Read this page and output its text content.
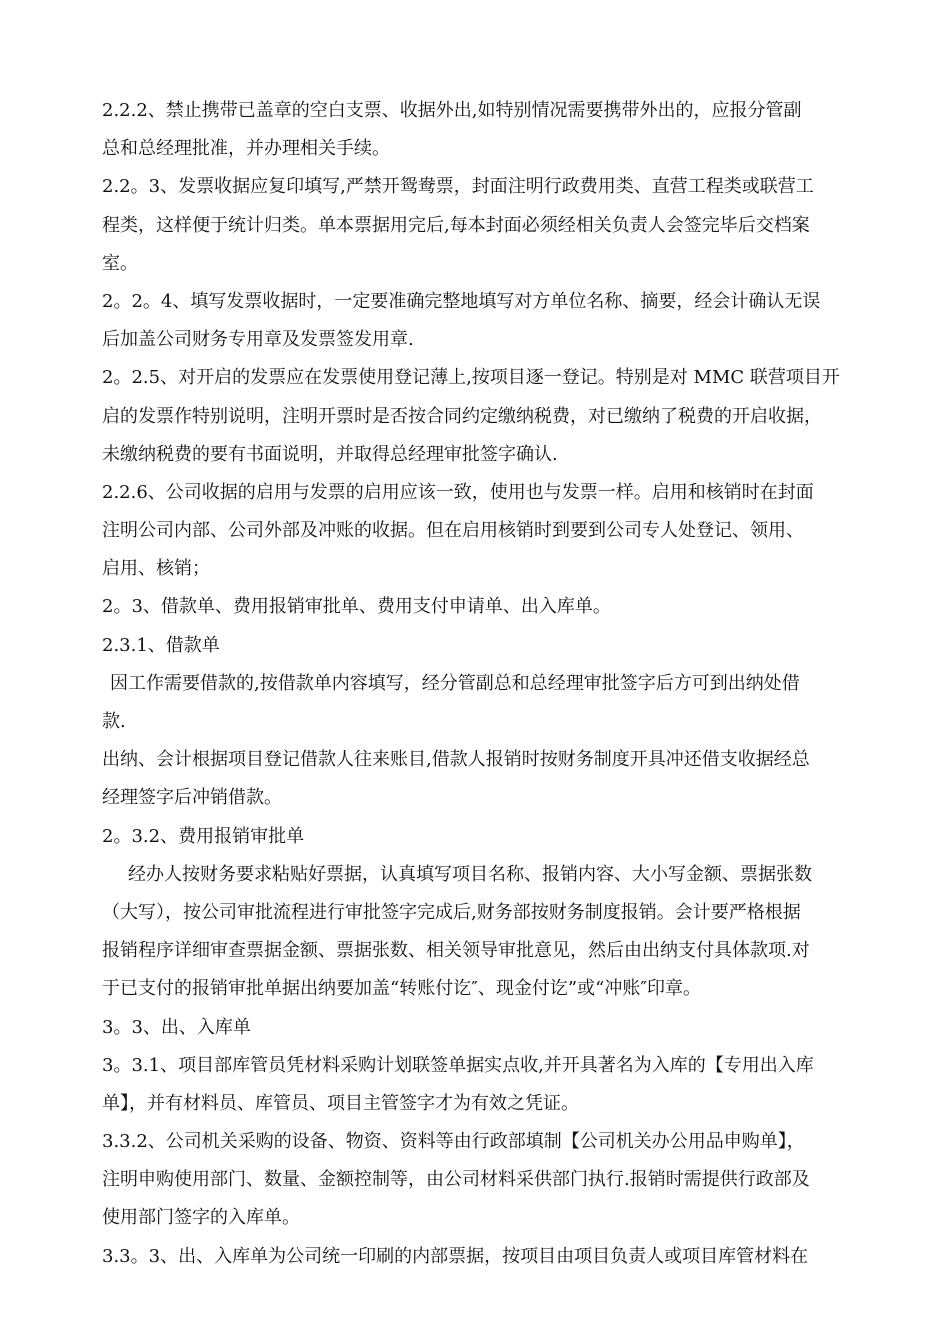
2.2.2、禁止携带已盖章的空白支票、收据外出,如特别情况需要携带外出的，应报分管副
总和总经理批准，并办理相关手续。
2.2。3、发票收据应复印填写,严禁开鸳鸯票，封面注明行政费用类、直营工程类或联营工
程类，这样便于统计归类。单本票据用完后,每本封面必须经相关负责人会签完毕后交档案
室。
2。2。4、填写发票收据时，一定要准确完整地填写对方单位名称、摘要，经会计确认无误
后加盖公司财务专用章及发票签发用章.
2。2.5、对开启的发票应在发票使用登记薄上,按项目逐一登记。特别是对 MMC 联营项目开
启的发票作特别说明，注明开票时是否按合同约定缴纳税费，对已缴纳了税费的开启收据，
未缴纳税费的要有书面说明，并取得总经理审批签字确认.
2.2.6、公司收据的启用与发票的启用应该一致，使用也与发票一样。启用和核销时在封面
注明公司内部、公司外部及冲账的收据。但在启用核销时到要到公司专人处登记、领用、
启用、核销；
2。3、借款单、费用报销审批单、费用支付申请单、出入库单。
2.3.1、借款单
因工作需要借款的,按借款单内容填写，经分管副总和总经理审批签字后方可到出纳处借
款.
出纳、会计根据项目登记借款人往来账目,借款人报销时按财务制度开具冲还借支收据经总
经理签字后冲销借款。
2。3.2、费用报销审批单
经办人按财务要求粘贴好票据，认真填写项目名称、报销内容、大小写金额、票据张数
（大写），按公司审批流程进行审批签字完成后,财务部按财务制度报销。会计要严格根据
报销程序详细审查票据金额、票据张数、相关领导审批意见，然后由出纳支付具体款项.对
于已支付的报销审批单据出纳要加盖“转账付讫″、现金付讫”或“冲账″印章。
3。3、出、入库单
3。3.1、项目部库管员凭材料采购计划联签单据实点收,并开具著名为入库的【专用出入库
单】，并有材料员、库管员、项目主管签字才为有效之凭证。
3.3.2、公司机关采购的设备、物资、资料等由行政部填制【公司机关办公用品申购单】，
注明申购使用部门、数量、金额控制等，由公司材料采供部门执行.报销时需提供行政部及
使用部门签字的入库单。
3.3。3、出、入库单为公司统一印刷的内部票据，按项目由项目负责人或项目库管材料在
